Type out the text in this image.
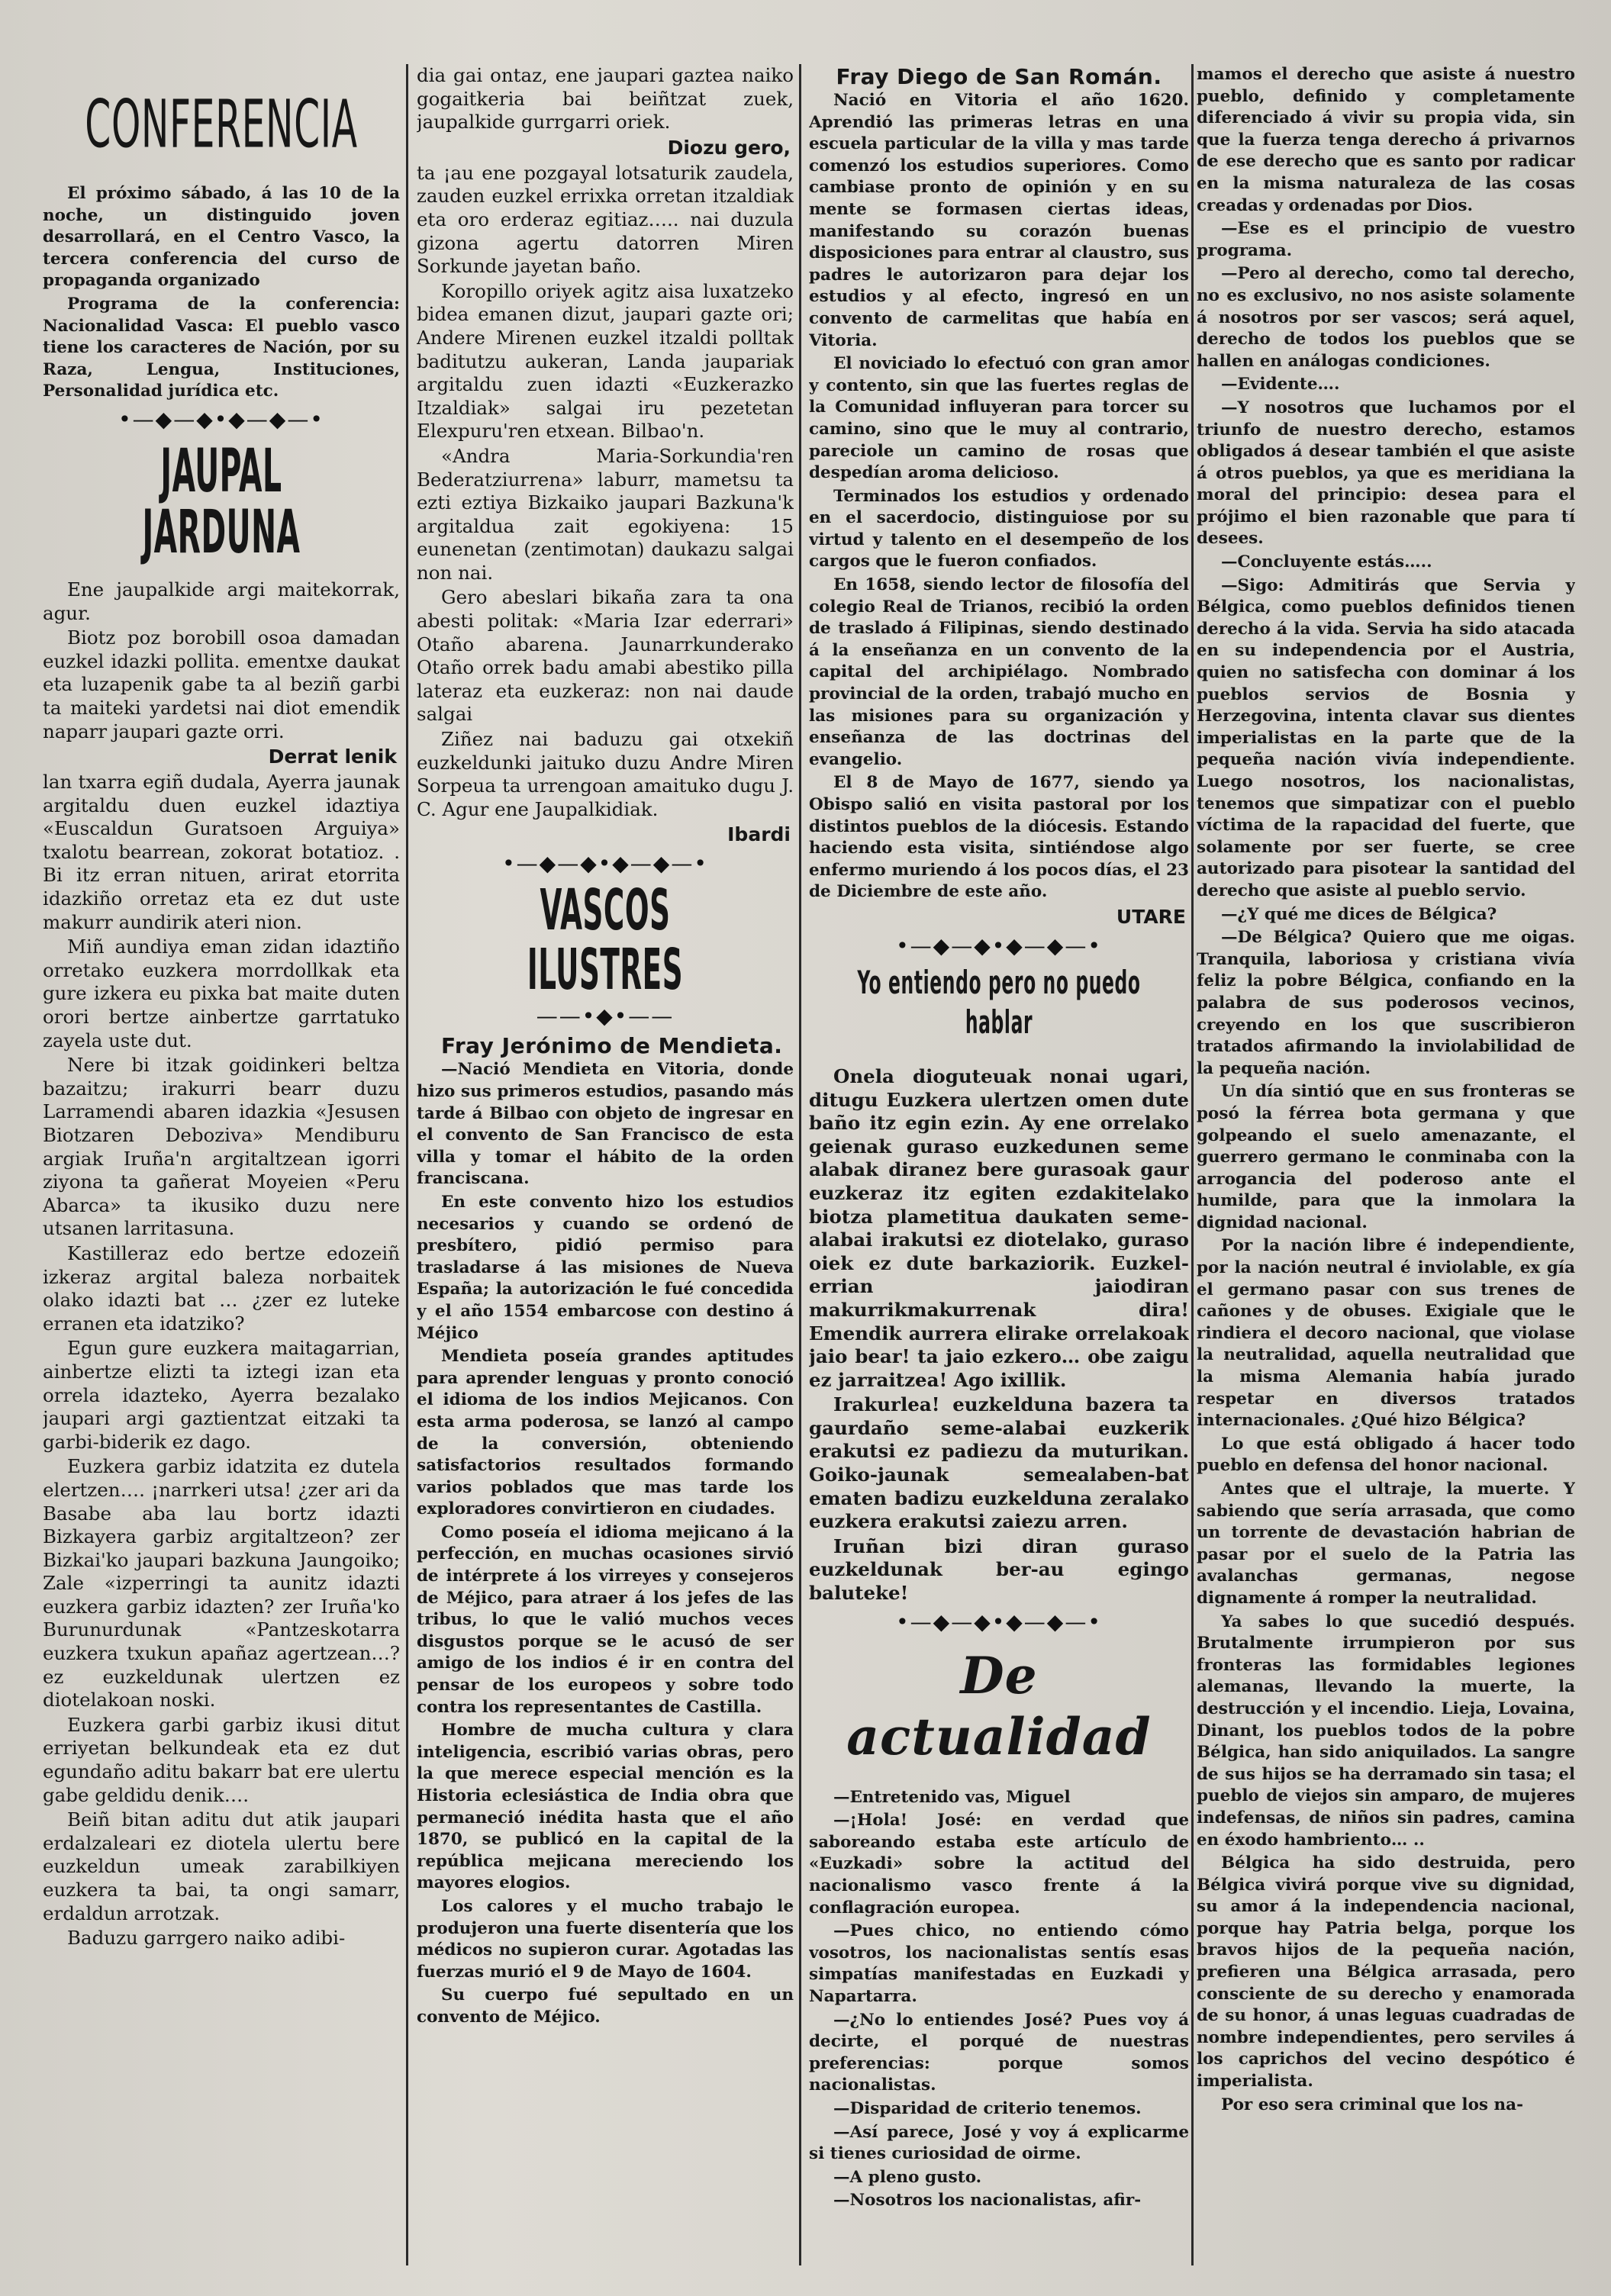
CONFERENCIA

El próximo sábado, á las 10 de la noche, un distinguido joven desarrollará, en el Centro Vasco, la tercera conferencia del curso de propaganda organizado

Programa de la conferencia: Nacionalidad Vasca: El pueblo vasco tiene los caracteres de Nación, por su Raza, Lengua, Instituciones, Personalidad jurídica etc.

•—◆—◆•◆—◆—•
JAUPAL JARDUNA

Ene jaupalkide argi maitekorrak, agur.

Biotz poz borobill osoa damadan euzkel idazki pollita. ementxe daukat eta luzapenik gabe ta al beziñ garbi ta maiteki yardetsi nai diot emendik naparr jaupari gazte orri.

Derrat lenik

lan txarra egiñ dudala, Ayerra jaunak argitaldu duen euzkel idaztiya «Euscaldun Guratsoen Arguiya» txalotu bearrean, zokorat botatioz. . Bi itz erran nituen, arirat etorrita idazkiño orretaz eta ez dut uste makurr aundirik ateri nion.

Miñ aundiya eman zidan idaztiño orretako euzkera morrdollkak eta gure izkera eu pixka bat maite duten orori bertze ainbertze garrtatuko zayela uste dut.

Nere bi itzak goidinkeri beltza bazaitzu; irakurri bearr duzu Larramendi abaren idazkia «Jesusen Biotzaren Deboziva» Mendiburu argiak Iruña'n argitaltzean igorri ziyona ta gañerat Moyeien «Peru Abarca» ta ikusiko duzu nere utsanen larritasuna.

Kastillerаz edo bertze edozeiñ izkeraz argital baleza norbaitek olako idazti bat … ¿zer ez luteke erranen eta idatziko?

Egun gure euzkera maitagarrian, ainbertze elizti ta iztegi izan eta orrela idazteko, Ayerra bezalako jaupari argi gaztientzat eitzaki ta garbi-biderik ez dago.

Euzkera garbiz idatzita ez dutela elertzen…. ¡narrkeri utsa! ¿zer ari da Basabe aba lau bortz idazti Bizkayera garbiz argitaltzeon? zer Bizkai'ko jaupari bazkuna Jaungoiko; Zale «izperringi ta aunitz idazti euzkera garbiz idazten? zer Iruña'ko Burunurdunak «Pantzeskotarra euzkera txukun apañaz agertzean…? ez euzkeldunak ulertzen ez diotelakoan noski.

Euzkera garbi garbiz ikusi ditut erriyetan belkundeak eta ez dut egundaño aditu bakarr bat ere ulertu gabe geldidu denik….

Beiñ bitan aditu dut atik jaupari erdalzaleari ez diotela ulertu bere euzkeldun umeak zarabilkiyen euzkera ta bai, ta ongi samarr, erdaldun arrotzak.

Baduzu garrgero naiko adibi-

dia gai ontaz, ene jaupari gaztea naiko gogaitkeria bai beiñtzat zuek, jaupalkide gurrgarri oriek.

Diozu gero,

ta ¡au ene pozgayal lotsaturik zaudela, zauden euzkel errixka orretan itzaldiak eta oro erderaz egitiaz….. nai duzula gizona agertu datorren Miren Sorkunde jayetan baño.

Koropillo oriyek agitz aisa luxatzeko bidea emanen dizut, jaupari gazte ori; Andere Mirenen euzkel itzaldi polltak baditutzu aukeran, Landa jaupariak argitaldu zuen idazti «Euzkerazko Itzaldiak» salgai iru pezetetan Elexpuru'ren etxean. Bilbao'n.

«Andra Maria-Sorkundia'ren Bederatziurrena» laburr, mametsu ta ezti eztiya Bizkaiko jaupari Bazkuna'k argitaldua zait egokiyena: 15 eunenetan (zentimotan) daukazu salgai non nai.

Gero abeslari bikaña zara ta ona abesti politak: «Maria Izar ederrari» Otaño abarena. Jaunarrkunderako Otaño orrek badu amabi abestiko pilla lateraz eta euzkeraz: non nai daude salgai

Ziñez nai baduzu gai otxekiñ euzkeldunki jaituko duzu Andre Miren Sorpeua ta urrengoan amaituko dugu J. C. Agur ene Jaupalkidiak.

Ibardi
•—◆—◆•◆—◆—•
VASCOS ILUSTRES
——•◆•——
Fray Jerónimo de Mendieta.

—Nació Mendieta en Vitoria, donde hizo sus primeros estudios, pasando más tarde á Bilbao con objeto de ingresar en el convento de San Francisco de esta villa y tomar el hábito de la orden franciscana.

En este convento hizo los estudios necesarios y cuando se ordenó de presbítero, pidió permiso para trasladarse á las misiones de Nueva España; la autorización le fué concedida y el año 1554 embarcose con destino á Méjico

Mendieta poseía grandes aptitudes para aprender lenguas y pronto conoció el idioma de los indios Mejicanos. Con esta arma poderosa, se lanzó al campo de la conversión, obteniendo satisfactorios resultados formando varios poblados que mas tarde los exploradores convirtieron en ciudades.

Como poseía el idioma mejicano á la perfección, en muchas ocasiones sirvió de intérprete á los virreyes y consejeros de Méjico, para atraer á los jefes de las tribus, lo que le valió muchos veces disgustos porque se le acusó de ser amigo de los indios é ir en contra del pensar de los europeos y sobre todo contra los representantes de Castilla.

Hombre de mucha cultura y clara inteligencia, escribió varias obras, pero la que merece especial mención es la Historia eclesiástica de India obra que permaneció inédita hasta que el año 1870, se publicó en la capital de la república mejicana mereciendo los mayores elogios.

Los calores y el mucho trabajo le produjeron una fuerte disentería que los médicos no supieron curar. Agotadas las fuerzas murió el 9 de Mayo de 1604.

Su cuerpo fué sepultado en un convento de Méjico.

Fray Diego de San Román.

Nació en Vitoria el año 1620. Aprendió las primeras letras en una escuela particular de la villa y mas tarde comenzó los estudios superiores. Como cambiase pronto de opinión y en su mente se formasen ciertas ideas, manifestando su corazón buenas disposiciones para entrar al claustro, sus padres le autorizaron para dejar los estudios y al efecto, ingresó en un convento de carmelitas que había en Vitoria.

El noviciado lo efectuó con gran amor y contento, sin que las fuertes reglas de la Comunidad influyeran para torcer su camino, sino que le muy al contrario, pareciole un camino de rosas que despedían aroma delicioso.

Terminados los estudios y ordenado en el sacerdocio, distinguiose por su virtud y talento en el desempeño de los cargos que le fueron confiados.

En 1658, siendo lector de filosofía del colegio Real de Trianos, recibió la orden de traslado á Filipinas, siendo destinado á la enseñanza en un convento de la capital del archipiélago. Nombrado provincial de la orden, trabajó mucho en las misiones para su organización y enseñanza de las doctrinas del evangelio.

El 8 de Mayo de 1677, siendo ya Obispo salió en visita pastoral por los distintos pueblos de la diócesis. Estando haciendo esta visita, sintiéndose algo enfermo muriendo á los pocos días, el 23 de Diciembre de este año.

UTARE
•—◆—◆•◆—◆—•
Yo entiendo pero no puedo hablar

Onela dioguteuak nonai ugari, ditugu Euzkera ulertzen omen dute baño itz egin ezin. Ay ene orrelako geienak guraso euzkedunen seme alabak diranez bere gurasoak gaur euzkeraz itz egiten ezdakitelako biotza plametitua daukaten seme-alabai irakutsi ez diotelako, guraso oiek ez dute barkaziorik. Euzkel-errian jaiodiran makurrikmakurrenak dira! Emendik aurrera elirake orrelakoak jaio bear! ta jaio ezkero… obe zaigu ez jarraitzea! Ago ixillik.

Irakurlea! euzkelduna bazera ta gaurdaño seme-alabai euzkerik erakutsi ez padiezu da muturikan. Goiko-jaunak semealaben-bat ematen badizu euzkelduna zeralako euzkera erakutsi zaiezu arren.

Iruñan bizi diran guraso euzkeldunak ber-au egingo baluteke!

•—◆—◆•◆—◆—•
De actualidad

—Entretenido vas, Miguel

—¡Hola! José: en verdad que saboreando estaba este artículo de «Euzkadi» sobre la actitud del nacionalismo vasco frente á la conflagración europea.

—Pues chico, no entiendo cómo vosotros, los nacionalistas sentís esas simpatías manifestadas en Euzkadi y Napartarra.

—¿No lo entiendes José? Pues voy á decirte, el porqué de nuestras preferencias: porque somos nacionalistas.

—Disparidad de criterio tenemos.

—Así parece, José y voy á explicarme si tienes curiosidad de oirme.

—A pleno gusto.

—Nosotros los nacionalistas, afir-

mamos el derecho que asiste á nuestro pueblo, definido y completamente diferenciado á vivir su propia vida, sin que la fuerza tenga derecho á privarnos de ese derecho que es santo por radicar en la misma naturaleza de las cosas creadas y ordenadas por Dios.

—Ese es el principio de vuestro programa.

—Pero al derecho, como tal derecho, no es exclusivo, no nos asiste solamente á nosotros por ser vascos; será aquel, derecho de todos los pueblos que se hallen en análogas condiciones.

—Evidente….

—Y nosotros que luchamos por el triunfo de nuestro derecho, estamos obligados á desear también el que asiste á otros pueblos, ya que es meridiana la moral del principio: desea para el prójimo el bien razonable que para tí desees.

—Concluyente estás…..

—Sigo: Admitirás que Servia y Bélgica, como pueblos definidos tienen derecho á la vida. Servia ha sido atacada en su independencia por el Austria, quien no satisfecha con dominar á los pueblos servios de Bosnia y Herzegovina, intenta clavar sus dientes imperialistas en la parte que de la pequeña nación vivía independiente. Luego nosotros, los nacionalistas, tenemos que simpatizar con el pueblo víctima de la rapacidad del fuerte, que solamente por ser fuerte, se cree autorizado para pisotear la santidad del derecho que asiste al pueblo servio.

—¿Y qué me dices de Bélgica?

—De Bélgica? Quiero que me oigas. Tranquila, laboriosa y cristiana vivía feliz la pobre Bélgica, confiando en la palabra de sus poderosos vecinos, creyendo en los que suscribieron tratados afirmando la inviolabilidad de la pequeña nación.

Un día sintió que en sus fronteras se posó la férrea bota germana y que golpeando el suelo amenazante, el guerrero germano le conminaba con la arrogancia del poderoso ante el humilde, para que la inmolara la dignidad nacional.

Por la nación libre é independiente, por la nación neutral é inviolable, ex gía el germano pasar con sus trenes de cañones y de obuses. Exigiale que le rindiera el decoro nacional, que violase la neutralidad, aquella neutralidad que la misma Alemania había jurado respetar en diversos tratados internacionales. ¿Qué hizo Bélgica?

Lo que está obligado á hacer todo pueblo en defensa del honor nacional.

Antes que el ultraje, la muerte. Y sabiendo que sería arrasada, que como un torrente de devastación habrian de pasar por el suelo de la Patria las avalanchas germanas, negose dignamente á romper la neutralidad.

Ya sabes lo que sucedió después. Brutalmente irrumpieron por sus fronteras las formidables legiones alemanas, llevando la muerte, la destrucción y el incendio. Lieja, Lovaina, Dinant, los pueblos todos de la pobre Bélgica, han sido aniquilados. La sangre de sus hijos se ha derramado sin tasa; el pueblo de viejos sin amparo, de mujeres indefensas, de niños sin padres, camina en éxodo hambriento… ..

Bélgica ha sido destruida, pero Bélgica vivirá porque vive su dignidad, su amor á la independencia nacional, porque hay Patria belga, porque los bravos hijos de la pequeña nación, prefieren una Bélgica arrasada, pero consciente de su derecho y enamorada de su honor, á unas leguas cuadradas de nombre independientes, pero serviles á los caprichos del vecino despótico é imperialista.

Por eso sera criminal que los na-
